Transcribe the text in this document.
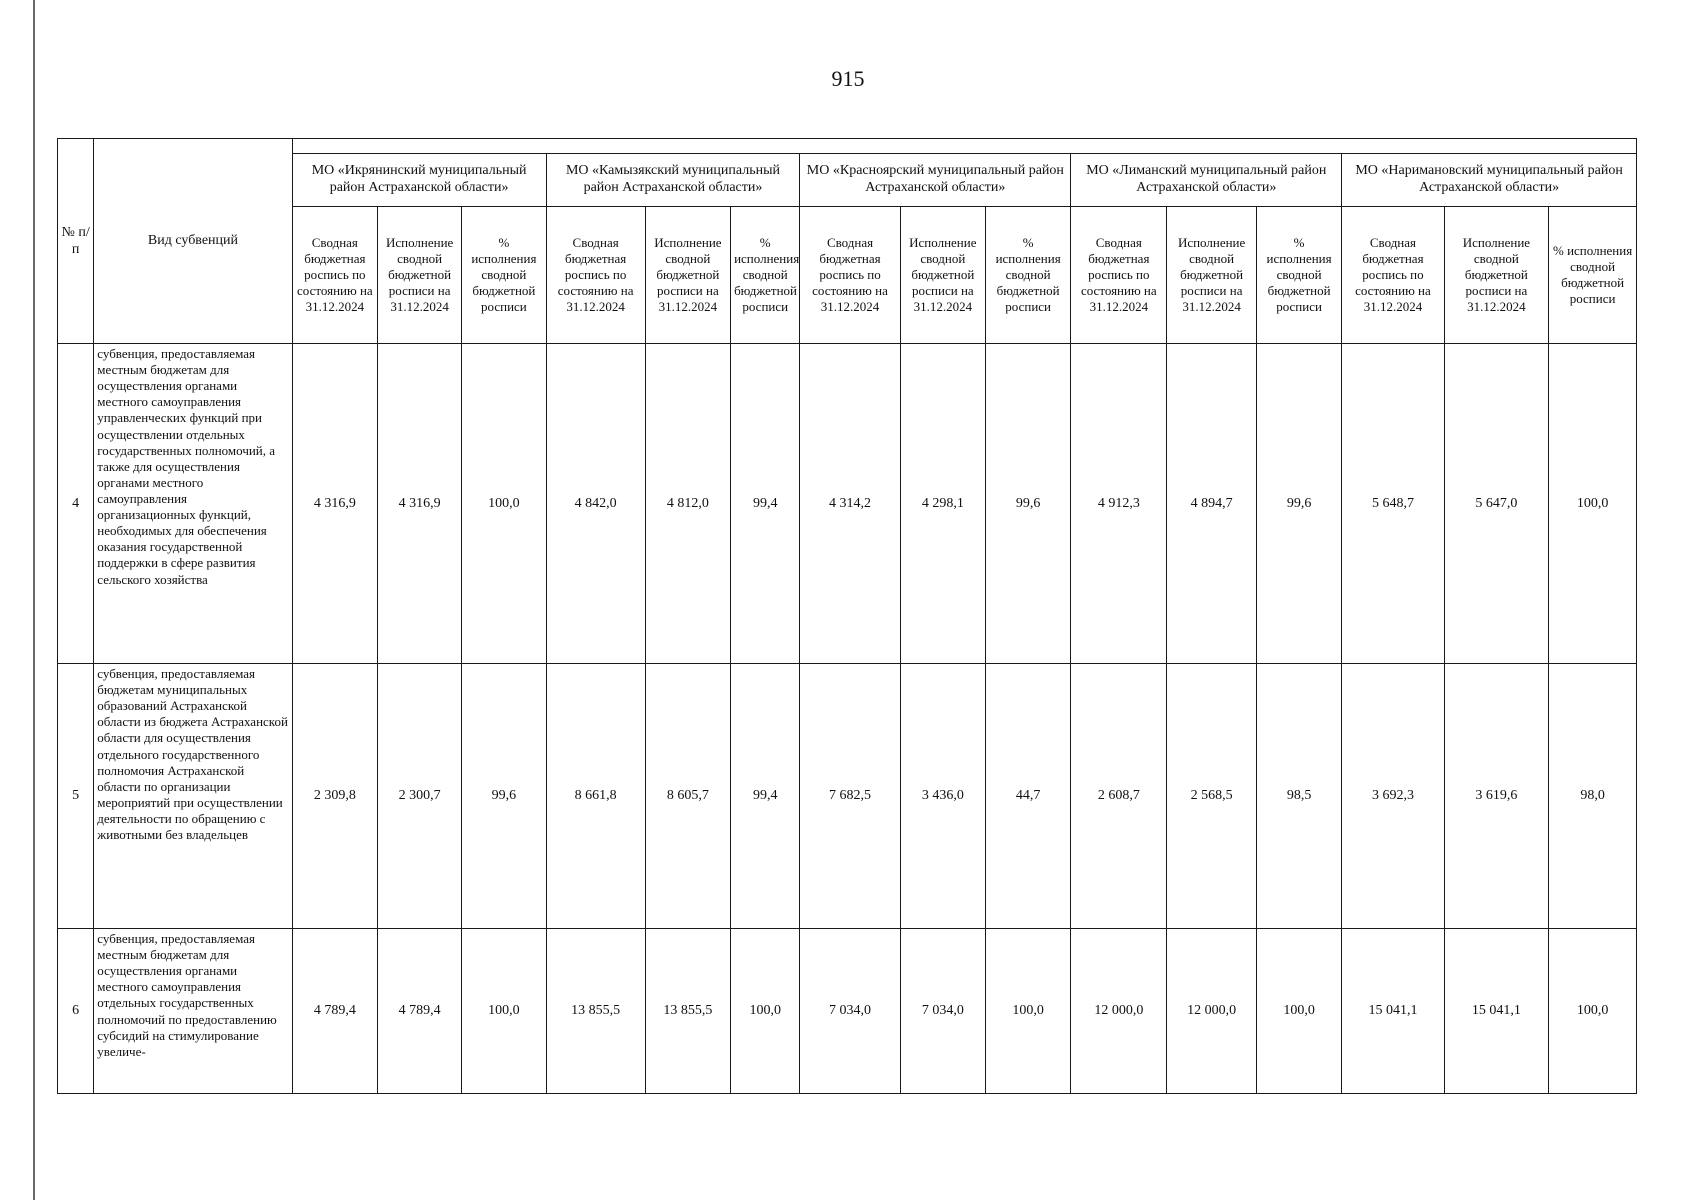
915
№ п/п	Вид субвенций															
		МО «Икрянинский муниципальный район Астраханской области»			МО «Камызякский муниципальный район Астраханской области»			МО «Красноярский муниципальный район Астраханской области»			МО «Лиманский муниципальный район Астраханской области»			МО «Наримановский муниципальный район Астраханской области»		
		Сводная бюджетная роспись по состоянию на 31.12.2024	Исполнение сводной бюджетной росписи на 31.12.2024	% исполнения сводной бюджетной росписи	Сводная бюджетная роспись по состоянию на 31.12.2024	Исполнение сводной бюджетной росписи на 31.12.2024	% исполнения сводной бюджетной росписи	Сводная бюджетная роспись по состоянию на 31.12.2024	Исполнение сводной бюджетной росписи на 31.12.2024	% исполнения сводной бюджетной росписи	Сводная бюджетная роспись по состоянию на 31.12.2024	Исполнение сводной бюджетной росписи на 31.12.2024	% исполнения сводной бюджетной росписи	Сводная бюджетная роспись по состоянию на 31.12.2024	Исполнение сводной бюджетной росписи на 31.12.2024	% исполнения сводной бюджетной росписи
4	субвенция, предоставляемая местным бюджетам для осуществления органами местного самоуправления управленческих функций при осуществлении отдельных государственных полномочий, а также для осуществления органами местного самоуправления организационных функций, необходимых для обеспечения оказания государственной поддержки в сфере развития сельского хозяйства	4 316,9	4 316,9	100,0	4 842,0	4 812,0	99,4	4 314,2	4 298,1	99,6	4 912,3	4 894,7	99,6	5 648,7	5 647,0	100,0
5	субвенция, предоставляемая бюджетам муниципальных образований Астраханской области из бюджета Астраханской области для осуществления отдельного государственного полномочия Астраханской области по организации мероприятий при осуществлении деятельности по обращению с животными без владельцев	2 309,8	2 300,7	99,6	8 661,8	8 605,7	99,4	7 682,5	3 436,0	44,7	2 608,7	2 568,5	98,5	3 692,3	3 619,6	98,0
6	субвенция, предоставляемая местным бюджетам для осуществления органами местного самоуправления отдельных государственных полномочий по предоставлению субсидий на стимулирование увеличе-	4 789,4	4 789,4	100,0	13 855,5	13 855,5	100,0	7 034,0	7 034,0	100,0	12 000,0	12 000,0	100,0	15 041,1	15 041,1	100,0
